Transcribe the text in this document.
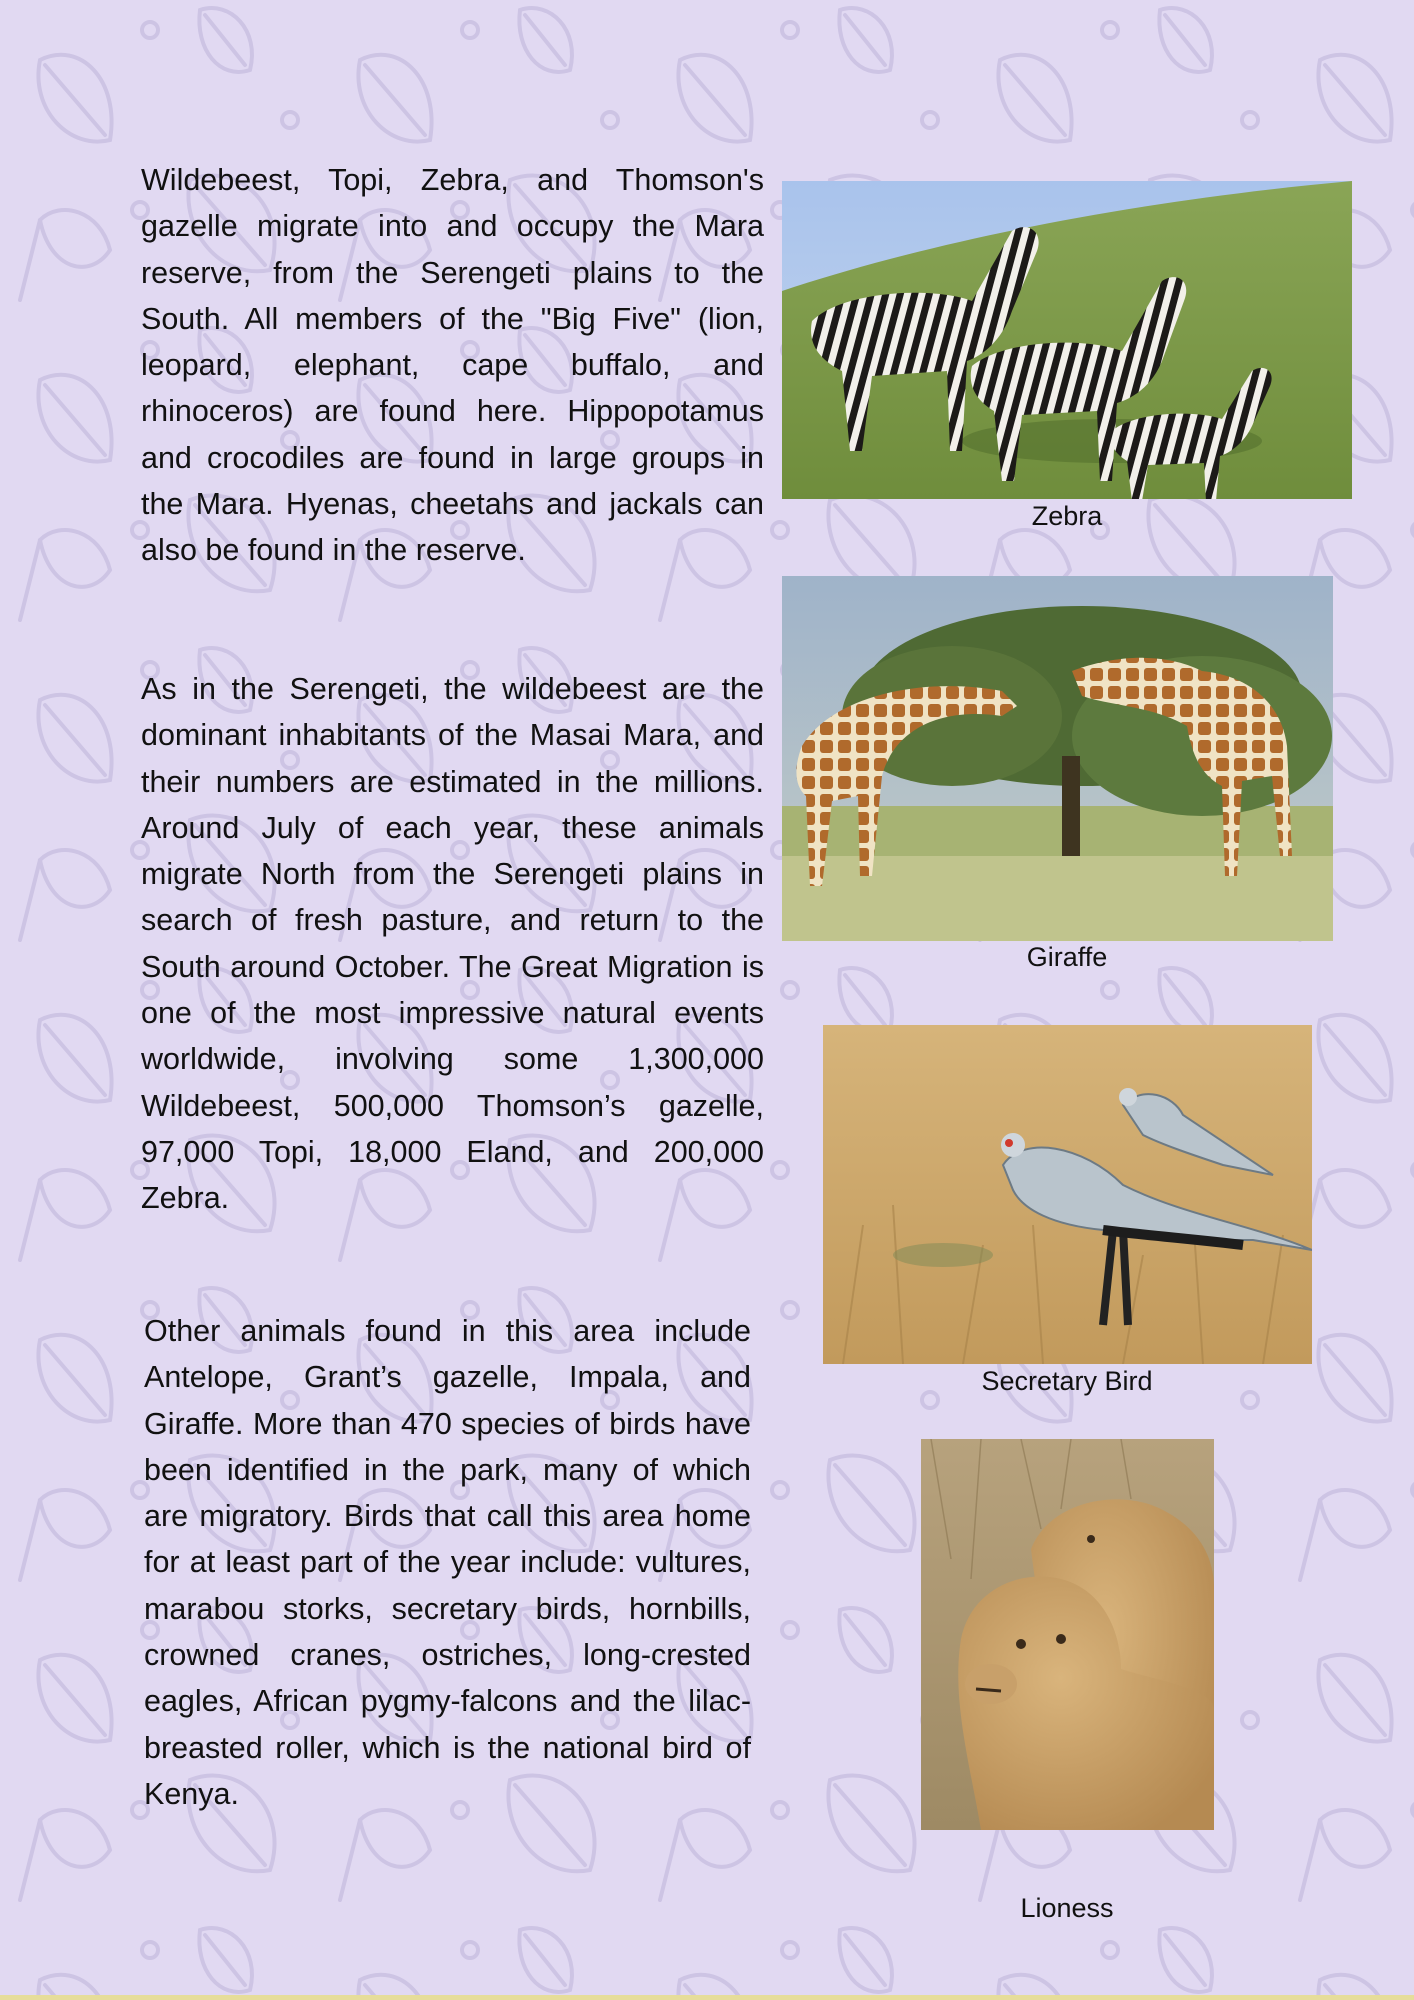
Wildebeest, Topi, Zebra, and Thomson's gazelle migrate into and occupy the Mara reserve, from the Serengeti plains to the South. All members of the "Big Five" (lion, leopard, elephant, cape buffalo, and rhinoceros) are found here. Hippopotamus and crocodiles are found in large groups in the Mara. Hyenas, cheetahs and jackals can also be found in the reserve.

As in the Serengeti, the wildebeest are the dominant inhabitants of the Masai Mara, and their numbers are estimated in the millions. Around July of each year, these animals migrate North from the Serengeti plains in search of fresh pasture, and return to the South around October. The Great Migration is one of the most impressive natural events worldwide, involving some 1,300,000 Wildebeest, 500,000 Thomson’s gazelle, 97,000 Topi, 18,000 Eland, and 200,000 Zebra.

Other animals found in this area include Antelope, Grant’s gazelle, Impala, and Giraffe. More than 470 species of birds have been identified in the park, many of which are migratory. Birds that call this area home for at least part of the year include: vultures, marabou storks, secretary birds, hornbills, crowned cranes, ostriches, long-crested eagles, African pygmy-falcons and the lilac-breasted roller, which is the national bird of Kenya.

Zebra

Giraffe

Secretary Bird

Lioness
